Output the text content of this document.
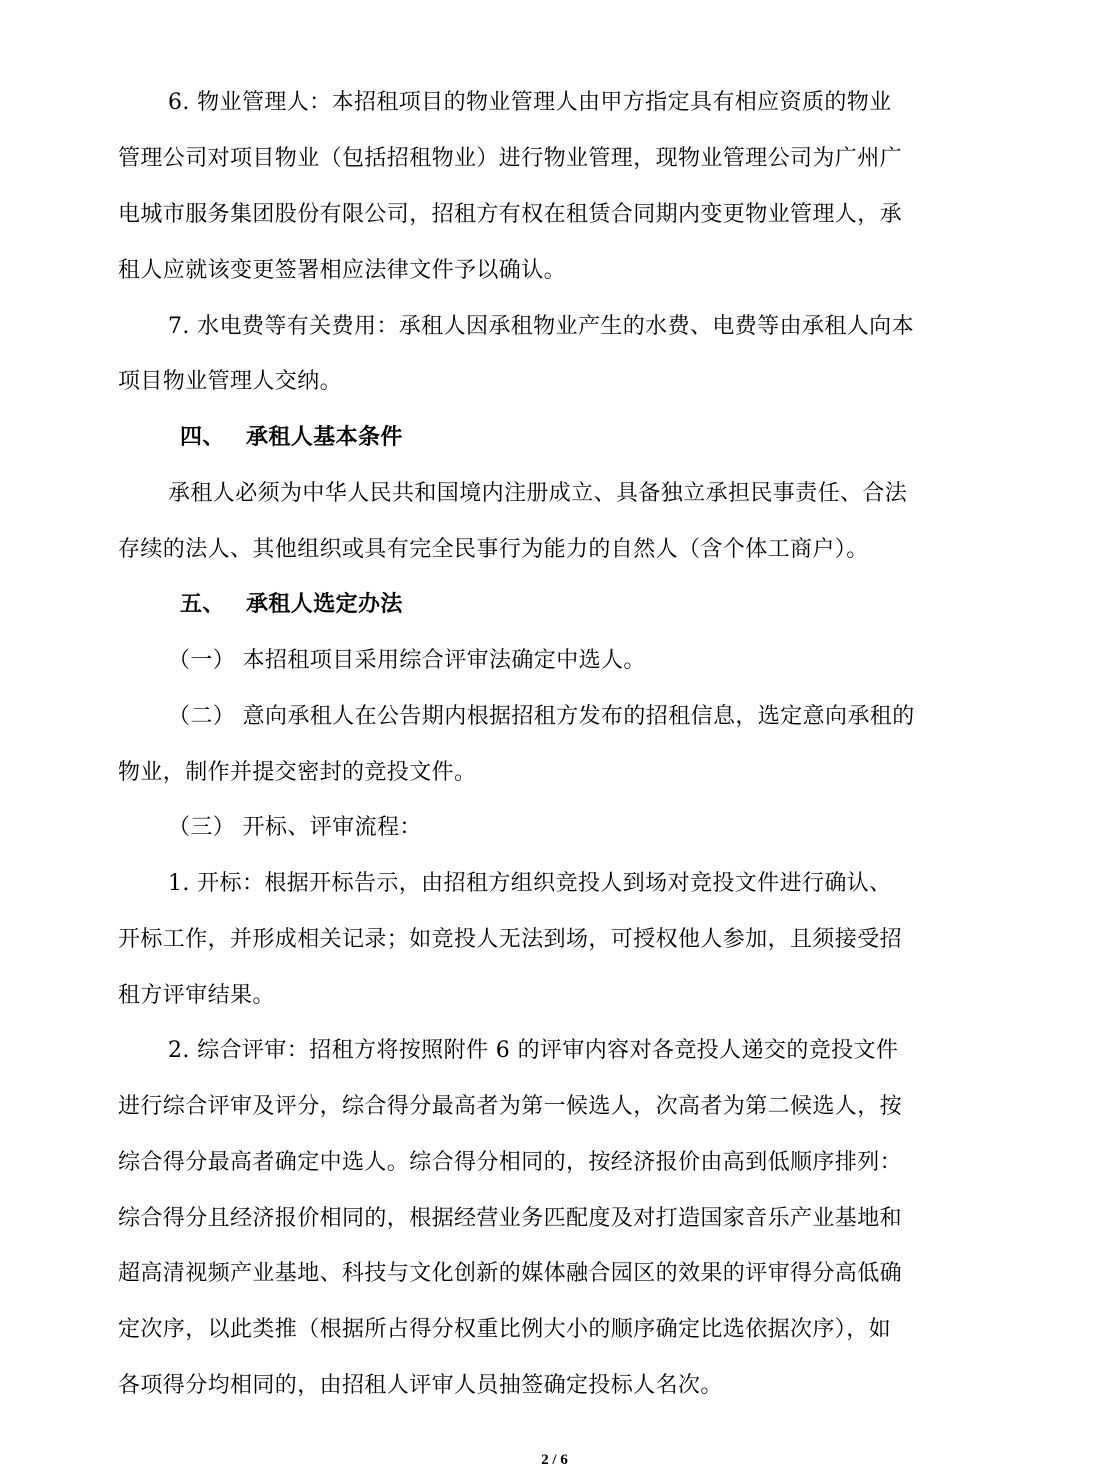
6. 物业管理人：本招租项目的物业管理人由甲方指定具有相应资质的物业
管理公司对项目物业（包括招租物业）进行物业管理，现物业管理公司为广州广
电城市服务集团股份有限公司，招租方有权在租赁合同期内变更物业管理人，承
租人应就该变更签署相应法律文件予以确认。
7. 水电费等有关费用：承租人因承租物业产生的水费、电费等由承租人向本
项目物业管理人交纳。
四、 承租人基本条件
承租人必须为中华人民共和国境内注册成立、具备独立承担民事责任、合法
存续的法人、其他组织或具有完全民事行为能力的自然人（含个体工商户）。
五、 承租人选定办法
（一） 本招租项目采用综合评审法确定中选人。
（二） 意向承租人在公告期内根据招租方发布的招租信息，选定意向承租的
物业，制作并提交密封的竞投文件。
（三） 开标、评审流程：
1. 开标：根据开标告示，由招租方组织竞投人到场对竞投文件进行确认、
开标工作，并形成相关记录；如竞投人无法到场，可授权他人参加，且须接受招
租方评审结果。
2. 综合评审：招租方将按照附件 6 的评审内容对各竞投人递交的竞投文件
进行综合评审及评分，综合得分最高者为第一候选人，次高者为第二候选人，按
综合得分最高者确定中选人。综合得分相同的，按经济报价由高到低顺序排列：
综合得分且经济报价相同的，根据经营业务匹配度及对打造国家音乐产业基地和
超高清视频产业基地、科技与文化创新的媒体融合园区的效果的评审得分高低确
定次序，以此类推（根据所占得分权重比例大小的顺序确定比选依据次序），如
各项得分均相同的，由招租人评审人员抽签确定投标人名次。
2 / 6
